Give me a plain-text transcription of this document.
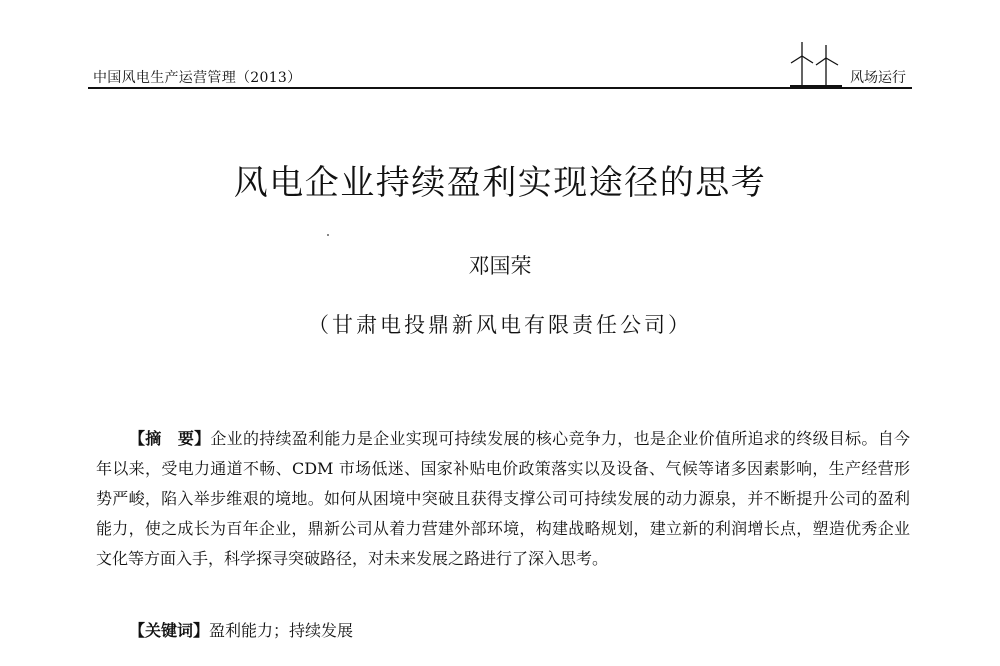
中国风电生产运营管理（2013）	风场运行
风电企业持续盈利实现途径的思考
邓国荣
（甘肃电投鼎新风电有限责任公司）

【摘　要】企业的持续盈利能力是企业实现可持续发展的核心竞争力，也是企业价值所追求的终级目标。自今年以来，受电力通道不畅、CDM 市场低迷、国家补贴电价政策落实以及设备、气候等诸多因素影响，生产经营形势严峻，陷入举步维艰的境地。如何从困境中突破且获得支撑公司可持续发展的动力源泉，并不断提升公司的盈利能力，使之成长为百年企业，鼎新公司从着力营建外部环境，构建战略规划，建立新的利润增长点，塑造优秀企业文化等方面入手，科学探寻突破路径，对未来发展之路进行了深入思考。

【关键词】盈利能力；持续发展
